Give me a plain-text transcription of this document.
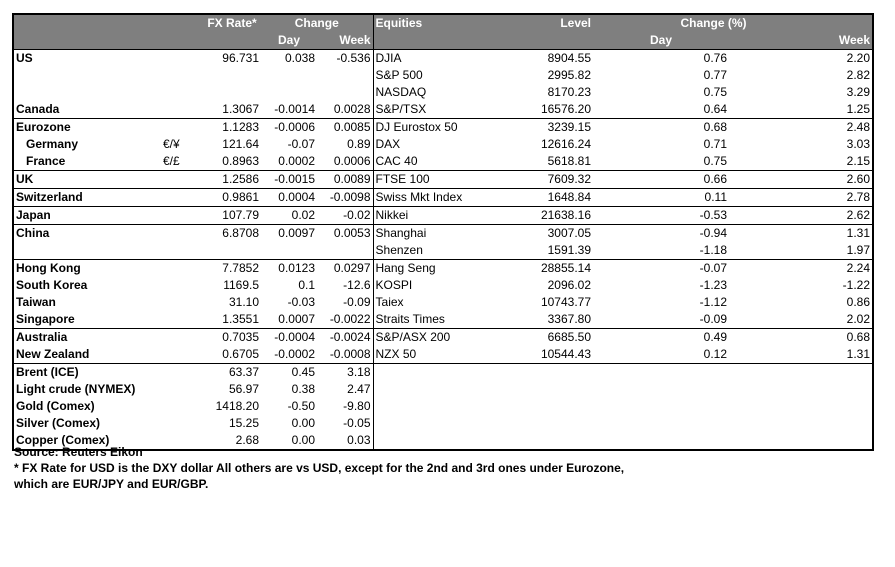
		FX Rate*	Change		Equities	Level	Change (%)	
			Day	Week			Day	Week
US		96.731	0.038	-0.536	DJIA	8904.55	0.76	2.20
					S&P 500	2995.82	0.77	2.82
					NASDAQ	8170.23	0.75	3.29
Canada		1.3067	-0.0014	0.0028	S&P/TSX	16576.20	0.64	1.25
Eurozone		1.1283	-0.0006	0.0085	DJ Eurostox 50	3239.15	0.68	2.48
Germany	€/¥	121.64	-0.07	0.89	DAX	12616.24	0.71	3.03
France	€/£	0.8963	0.0002	0.0006	CAC 40	5618.81	0.75	2.15
UK		1.2586	-0.0015	0.0089	FTSE 100	7609.32	0.66	2.60
Switzerland		0.9861	0.0004	-0.0098	Swiss Mkt Index	1648.84	0.11	2.78
Japan		107.79	0.02	-0.02	Nikkei	21638.16	-0.53	2.62
China		6.8708	0.0097	0.0053	Shanghai	3007.05	-0.94	1.31
					Shenzen	1591.39	-1.18	1.97
Hong Kong		7.7852	0.0123	0.0297	Hang Seng	28855.14	-0.07	2.24
South Korea		1169.5	0.1	-12.6	KOSPI	2096.02	-1.23	-1.22
Taiwan		31.10	-0.03	-0.09	Taiex	10743.77	-1.12	0.86
Singapore		1.3551	0.0007	-0.0022	Straits Times	3367.80	-0.09	2.02
Australia		0.7035	-0.0004	-0.0024	S&P/ASX 200	6685.50	0.49	0.68
New Zealand		0.6705	-0.0002	-0.0008	NZX 50	10544.43	0.12	1.31
Brent (ICE)		63.37	0.45	3.18				
Light crude (NYMEX)		56.97	0.38	2.47				
Gold (Comex)		1418.20	-0.50	-9.80				
Silver (Comex)		15.25	0.00	-0.05				
Copper (Comex)		2.68	0.00	0.03				
Source: Reuters Eikon
* FX Rate for USD is the DXY dollar All others are vs USD, except for the 2nd and 3rd ones under Eurozone,
which are EUR/JPY and EUR/GBP.
